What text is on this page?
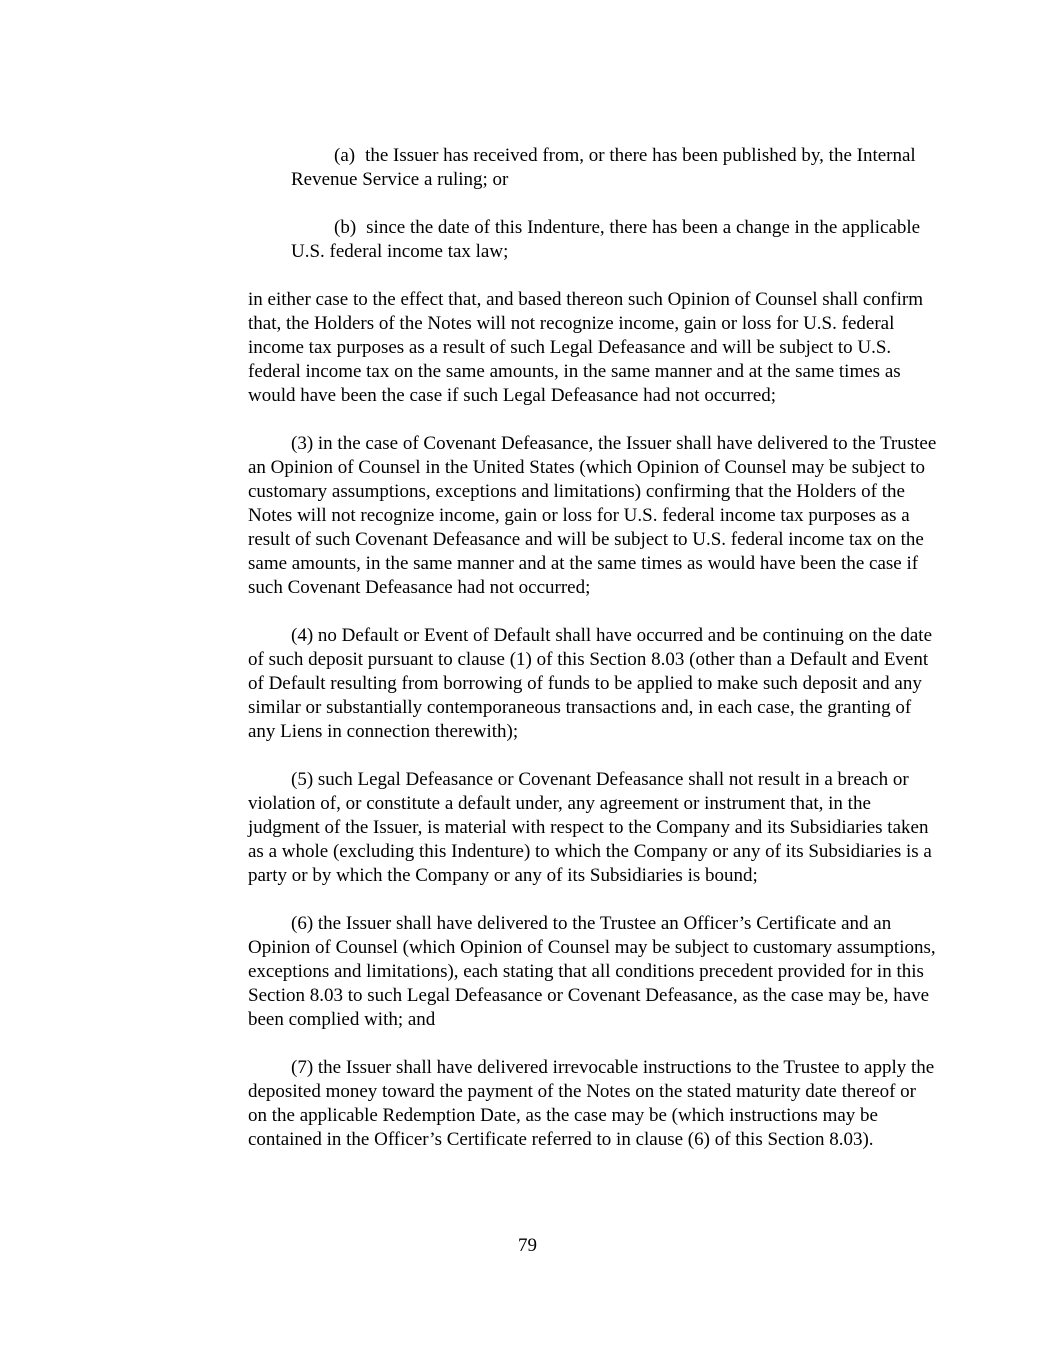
(a) the Issuer has received from, or there has been published by, the Internal Revenue Service a ruling; or

(b) since the date of this Indenture, there has been a change in the applicable U.S. federal income tax law;

in either case to the effect that, and based thereon such Opinion of Counsel shall confirm that, the Holders of the Notes will not recognize income, gain or loss for U.S. federal income tax purposes as a result of such Legal Defeasance and will be subject to U.S. federal income tax on the same amounts, in the same manner and at the same times as would have been the case if such Legal Defeasance had not occurred;

(3) in the case of Covenant Defeasance, the Issuer shall have delivered to the Trustee an Opinion of Counsel in the United States (which Opinion of Counsel may be subject to customary assumptions, exceptions and limitations) confirming that the Holders of the Notes will not recognize income, gain or loss for U.S. federal income tax purposes as a result of such Covenant Defeasance and will be subject to U.S. federal income tax on the same amounts, in the same manner and at the same times as would have been the case if such Covenant Defeasance had not occurred;

(4) no Default or Event of Default shall have occurred and be continuing on the date of such deposit pursuant to clause (1) of this Section 8.03 (other than a Default and Event of Default resulting from borrowing of funds to be applied to make such deposit and any similar or substantially contemporaneous transactions and, in each case, the granting of any Liens in connection therewith);

(5) such Legal Defeasance or Covenant Defeasance shall not result in a breach or violation of, or constitute a default under, any agreement or instrument that, in the judgment of the Issuer, is material with respect to the Company and its Subsidiaries taken as a whole (excluding this Indenture) to which the Company or any of its Subsidiaries is a party or by which the Company or any of its Subsidiaries is bound;

(6) the Issuer shall have delivered to the Trustee an Officer’s Certificate and an Opinion of Counsel (which Opinion of Counsel may be subject to customary assumptions, exceptions and limitations), each stating that all conditions precedent provided for in this Section 8.03 to such Legal Defeasance or Covenant Defeasance, as the case may be, have been complied with; and

(7) the Issuer shall have delivered irrevocable instructions to the Trustee to apply the deposited money toward the payment of the Notes on the stated maturity date thereof or on the applicable Redemption Date, as the case may be (which instructions may be contained in the Officer’s Certificate referred to in clause (6) of this Section 8.03).

79
